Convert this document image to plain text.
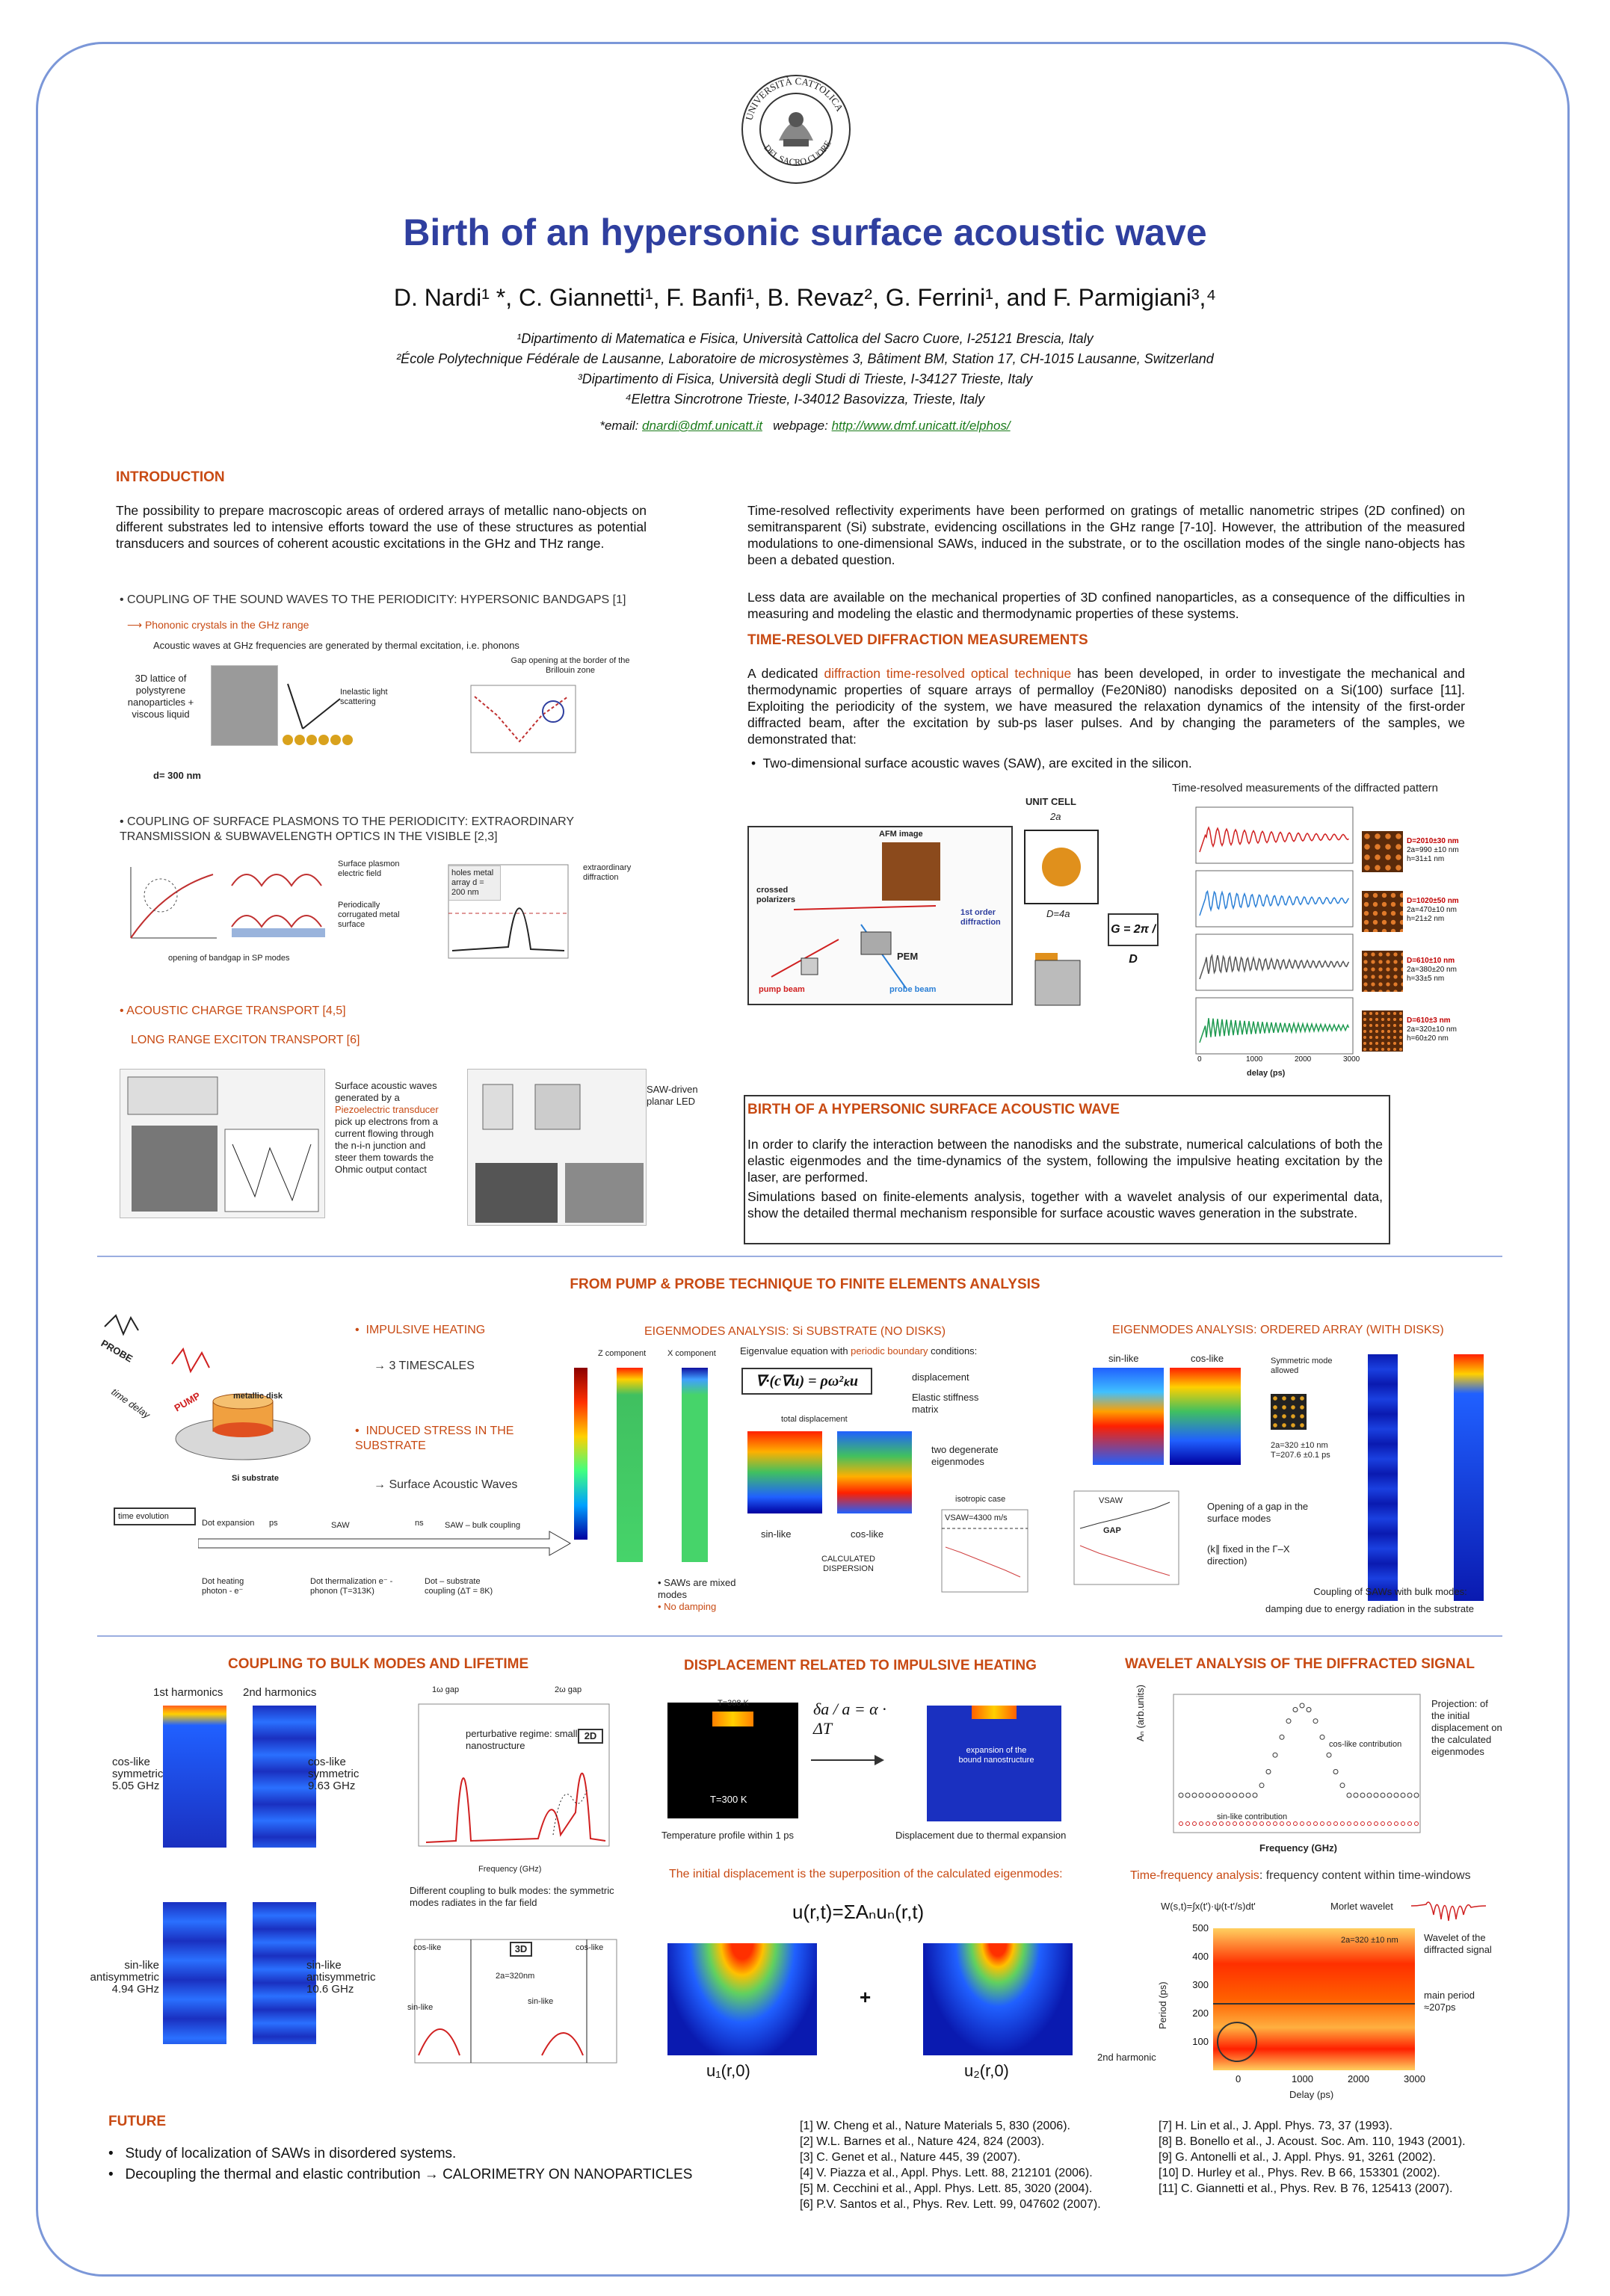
UNIVERSITÀ CATTOLICA
DEL SACRO CUORE
Birth of an hypersonic surface acoustic wave
D. Nardi¹ *, C. Giannetti¹, F. Banfi¹, B. Revaz², G. Ferrini¹, and F. Parmigiani³,⁴
¹Dipartimento di Matematica e Fisica, Università Cattolica del Sacro Cuore, I-25121 Brescia, Italy
²École Polytechnique Fédérale de Lausanne, Laboratoire de microsystèmes 3, Bâtiment BM, Station 17, CH-1015 Lausanne, Switzerland
³Dipartimento di Fisica, Università degli Studi di Trieste, I-34127 Trieste, Italy
⁴Elettra Sincrotrone Trieste, I-34012 Basovizza, Trieste, Italy
*email: dnardi@dmf.unicatt.it webpage: http://www.dmf.unicatt.it/elphos/
INTRODUCTION
The possibility to prepare macroscopic areas of ordered arrays of metallic nano-objects on different substrates led to intensive efforts toward the use of these structures as potential transducers and sources of coherent acoustic excitations in the GHz and THz range.
• COUPLING OF THE SOUND WAVES TO THE PERIODICITY: HYPERSONIC BANDGAPS [1]
⟶ Phononic crystals in the GHz range
Acoustic waves at GHz frequencies are generated by thermal excitation, i.e. phonons
3D lattice of polystyrene nanoparticles + viscous liquid
d= 300 nm
Inelastic light scattering
Gap opening at the border of the Brillouin zone
• COUPLING OF SURFACE PLASMONS TO THE PERIODICITY: EXTRAORDINARY TRANSMISSION & SUBWAVELENGTH OPTICS IN THE VISIBLE [2,3]
Surface plasmon electric field
Periodically corrugated metal surface
opening of bandgap in SP modes
holes metal array d = 200 nm
extraordinary diffraction
• ACOUSTIC CHARGE TRANSPORT [4,5]
LONG RANGE EXCITON TRANSPORT [6]
Surface acoustic waves generated by a Piezoelectric transducer pick up electrons from a current flowing through the n-i-n junction and steer them towards the Ohmic output contact
SAW-driven planar LED
Time-resolved reflectivity experiments have been performed on gratings of metallic nanometric stripes (2D confined) on semitransparent (Si) substrate, evidencing oscillations in the GHz range [7-10]. However, the attribution of the measured modulations to one-dimensional SAWs, induced in the substrate, or to the oscillation modes of the single nano-objects has been a debated question.
Less data are available on the mechanical properties of 3D confined nanoparticles, as a consequence of the difficulties in measuring and modeling the elastic and thermodynamic properties of these systems.
TIME-RESOLVED DIFFRACTION MEASUREMENTS
A dedicated diffraction time-resolved optical technique has been developed, in order to investigate the mechanical and thermodynamic properties of square arrays of permalloy (Fe20Ni80) nanodisks deposited on a Si(100) surface [11]. Exploiting the periodicity of the system, we have measured the relaxation dynamics of the intensity of the first-order diffracted beam, after the excitation by sub-ps laser pulses. And by changing the parameters of the samples, we demonstrated that:
•  Two-dimensional surface acoustic waves (SAW), are excited in the silicon.
AFM image
crossed polarizers
1st order diffraction
PEM
pump beam	probe beam
UNIT CELL
2a
D=4a
G = 2π / D
Time-resolved measurements of the diffracted pattern
delay (ps)
0	1000	2000	3000
D=2010±30 nm
2a=990 ±10 nm
h=31±1 nm
D=1020±50 nm
2a=470±10 nm
h=21±2 nm
D=610±10 nm
2a=380±20 nm
h=33±5 nm
D=610±3 nm
2a=320±10 nm
h=60±20 nm
BIRTH OF A HYPERSONIC SURFACE ACOUSTIC WAVE
In order to clarify the interaction between the nanodisks and the substrate, numerical calculations of both the elastic eigenmodes and the time-dynamics of the system, following the impulsive heating excitation by the laser, are performed.
Simulations based on finite-elements analysis, together with a wavelet analysis of our experimental data, show the detailed thermal mechanism responsible for surface acoustic waves generation in the substrate.
FROM PUMP & PROBE TECHNIQUE TO FINITE ELEMENTS ANALYSIS
PROBE
PUMP
time delay	metallic disk
Si substrate
•  IMPULSIVE HEATING
→ 3 TIMESCALES
•  INDUCED STRESS IN THE SUBSTRATE
→ Surface Acoustic Waves
time evolution
Dot expansion ps	SAW	ns	SAW – bulk coupling
Dot heating photon - e⁻
Dot thermalization e⁻ - phonon (T=313K)
Dot – substrate coupling (ΔT = 8K)
EIGENMODES ANALYSIS: Si SUBSTRATE (NO DISKS)
Z component	X component
• SAWs are mixed modes
• No damping
Eigenvalue equation with periodic boundary conditions:
∇·(c∇u) = ρω²ₖu	displacement
Elastic stiffness matrix
total displacement
sin-like	cos-like
two degenerate eigenmodes
isotropic case
VSAW=4300 m/s
CALCULATED DISPERSION
EIGENMODES ANALYSIS: ORDERED ARRAY (WITH DISKS)
sin-like	cos-like	Symmetric mode allowed
2a=320 ±10 nm T=207.6 ±0.1 ps
GAP
VSAW	Opening of a gap in the surface modes
(k∥ fixed in the Γ–X direction)
Coupling of SAWs with bulk modes:
damping due to energy radiation in the substrate
COUPLING TO BULK MODES AND LIFETIME
1st harmonics 2nd harmonics
cos-like symmetric 5.05 GHz
cos-like symmetric 9.63 GHz
sin-like antisymmetric 4.94 GHz
sin-like antisymmetric 10.6 GHz
1ω gap	2ω gap
perturbative regime: small nanostructure
2D
Frequency (GHz)
Different coupling to bulk modes: the symmetric modes radiates in the far field
cos-like	cos-like
sin-like
sin-like
3D
2a=320nm
DISPLACEMENT RELATED TO IMPULSIVE HEATING
T=308 K
T=300 K
δa / a = α · ΔT
expansion of the bound nanostructure
Temperature profile within 1 ps	Displacement due to thermal expansion
The initial displacement is the superposition of the calculated eigenmodes:
u(r,t)=ΣAₙuₙ(r,t)
+
u₁(r,0)	u₂(r,0)
WAVELET ANALYSIS OF THE DIFFRACTED SIGNAL
Aₙ (arb.units)
Frequency (GHz)
cos-like contribution
sin-like contribution
Projection: of the initial displacement on the calculated eigenmodes
Time-frequency analysis: frequency content within time-windows
W(s,t)=∫x(t')·ψ(t-t'/s)dt'	Morlet wavelet
2a=320 ±10 nm
500
400
300
200
100
0	1000	2000	3000
Period (ps)
Delay (ps)
Wavelet of the diffracted signal
main period ≈207ps
2nd harmonic
FUTURE
•   Study of localization of SAWs in disordered systems.
•   Decoupling the thermal and elastic contribution → CALORIMETRY ON NANOPARTICLES
[1] W. Cheng et al., Nature Materials 5, 830 (2006).
[2] W.L. Barnes et al., Nature 424, 824 (2003).
[3] C. Genet et al., Nature 445, 39 (2007).
[4] V. Piazza et al., Appl. Phys. Lett. 88, 212101 (2006).
[5] M. Cecchini et al., Appl. Phys. Lett. 85, 3020 (2004).
[6] P.V. Santos et al., Phys. Rev. Lett. 99, 047602 (2007).
[7] H. Lin et al., J. Appl. Phys. 73, 37 (1993).
[8] B. Bonello et al., J. Acoust. Soc. Am. 110, 1943 (2001).
[9] G. Antonelli et al., J. Appl. Phys. 91, 3261 (2002).
[10] D. Hurley et al., Phys. Rev. B 66, 153301 (2002).
[11] C. Giannetti et al., Phys. Rev. B 76, 125413 (2007).
